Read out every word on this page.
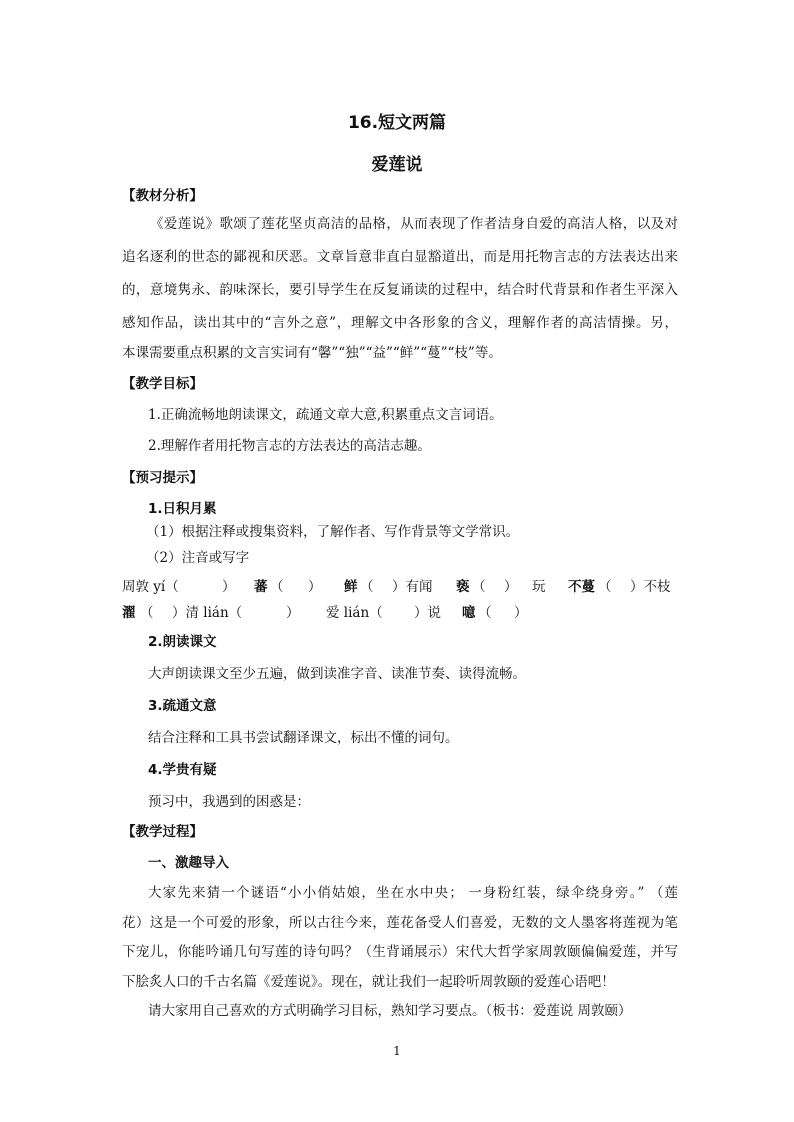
16.短文两篇
爱莲说
【教材分析】
《爱莲说》歌颂了莲花坚贞高洁的品格，从而表现了作者洁身自爱的高洁人格，以及对
追名逐利的世态的鄙视和厌恶。文章旨意非直白显豁道出，而是用托物言志的方法表达出来
的，意境隽永、韵味深长，要引导学生在反复诵读的过程中，结合时代背景和作者生平深入
感知作品，读出其中的“言外之意”，理解文中各形象的含义，理解作者的高洁情操。另，
本课需要重点积累的文言实词有“馨”“独”“益”“鲜”“蔓”“枝”等。
【教学目标】
1.正确流畅地朗读课文，疏通文章大意,积累重点文言词语。
2.理解作者用托物言志的方法表达的高洁志趣。
【预习提示】
1.日积月累
（1）根据注释或搜集资料，了解作者、写作背景等文学常识。
（2）注音或写字
周敦 yí（	） 蕃 （ ） 鲜 （ ）有闻 亵 （ ） 玩 不蔓 （ ）不枝
濯 （ ）清 lián（	） 爱 lián（ ）说 噫 （ ）
2.朗读课文
大声朗读课文至少五遍，做到读准字音、读准节奏、读得流畅。
3.疏通文意
结合注释和工具书尝试翻译课文，标出不懂的词句。
4.学贵有疑
预习中，我遇到的困惑是：
【教学过程】
一、激趣导入
大家先来猜一个谜语“小小俏姑娘，坐在水中央； 一身粉红装，绿伞绕身旁。” （莲
花）这是一个可爱的形象，所以古往今来，莲花备受人们喜爱，无数的文人墨客将莲视为笔
下宠儿，你能吟诵几句写莲的诗句吗？（生背诵展示）宋代大哲学家周敦颐偏偏爱莲，并写
下脍炙人口的千古名篇《爱莲说》。现在，就让我们一起聆听周敦颐的爱莲心语吧！
请大家用自己喜欢的方式明确学习目标，熟知学习要点。（板书：爱莲说 周敦颐）
1
